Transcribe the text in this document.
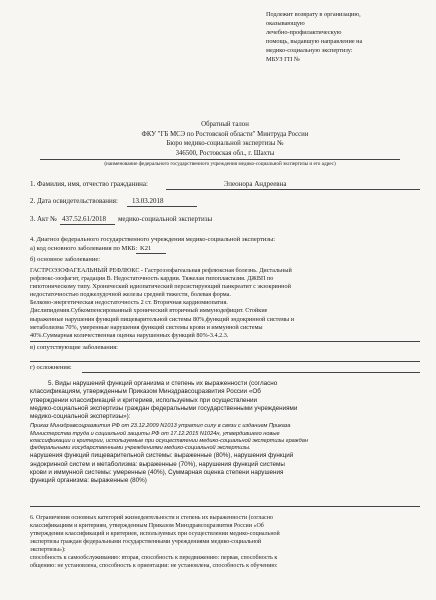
Подлежит возврату в организацию,
оказывающую
лечебно-профилактическую
помощь, выдавшую направление на
медико-социальную экспертизу:
МБУЗ ГП №
Обратный талон
ФКУ "ГБ МСЭ по Ростовской области" Минтруда России
Бюро медико-социальной экспертизы №
346500, Ростовская обл., г. Шахты
(наименование федерального государственного учреждения медико-социальной экспертизы и его адрес)
1. Фамилия, имя, отчество гражданина:	Элеонора Андреевна
2. Дата освидетельствования: 13.03.2018
3. Акт № 437.52.61/2018 медико-социальной экспертизы
4. Диагноз федерального государственного учреждения медико-социальной экспертизы:
а) код основного заболевания по МКБ: K21
б) основное заболевание:
ГАСТРОЭЗОФАГЕАЛЬНЫЙ РЕФЛЮКС - Гастроэзофагеальная рефлюксная болезнь. Дистальный
рефлюкс-эзофагит, градация В. Недостаточность кардии. Тяжелая гипоплактазия. ДЖВП по
гипотоническому типу. Хронический идиопатический персистирующий панкреатит с экзокринной
недостаточностью поджелудочной железы средней тяжести, болевая форма.
Белково-энергетическая недостаточность 2 ст. Вторичная кардиомиопатия.
Дислипидемия.Субкомпенсированный хронический вторичный иммунодефицит. Стойкие
выраженные нарушения функций пищеварительной системы 80%,функций эндокринной системы и
метаболизма 70%, умеренные нарушения функций системы крови и иммунной системы
40%.Суммарная количественная оценка нарушенных функций 80%-3.4.2.3.
в) сопутствующие заболевания:
г) осложнения:
5. Виды нарушений функций организма и степень их выраженности (согласно
классификациям, утвержденным Приказом Минздравсоцразвития России «Об
утверждении классификаций и критериев, используемых при осуществлении
медико-социальной экспертизы граждан федеральными государственными учреждениями
медико-социальной экспертизы»):
Приказ Минздравсоцразвития РФ от 23.12.2009 N1013 утратил силу в связи с изданием Приказа
Министерства труда и социальной защиты РФ от 17.12.2015 N1024н, утвердившего новые
классификации и критерии, используемые при осуществлении медико-социальной экспертизы граждан
федеральными государственными учреждениями медико-социальной экспертизы.
нарушения функций пищеварительной системы: выраженные (80%), нарушения функций
эндокринной систем и метаболизма: выраженные (70%), нарушения функций системы
крови и иммунной системы: умеренные (40%), Суммарная оценка степени нарушения
функций организма: выраженные (80%)
6. Ограничения основных категорий жизнедеятельности и степень их выраженности (согласно
классификациям и критериям, утвержденным Приказом Минздравсоцразвития России «Об
утверждении классификаций и критериев, используемых при осуществлении медико-социальной
экспертизы граждан федеральными государственными учреждениями медико-социальной
экспертизы»):
способность к самообслуживанию: вторая, способность к передвижению: первая, способность к
общению: не установлена, способность к ориентации: не установлена, способность к обучению:
